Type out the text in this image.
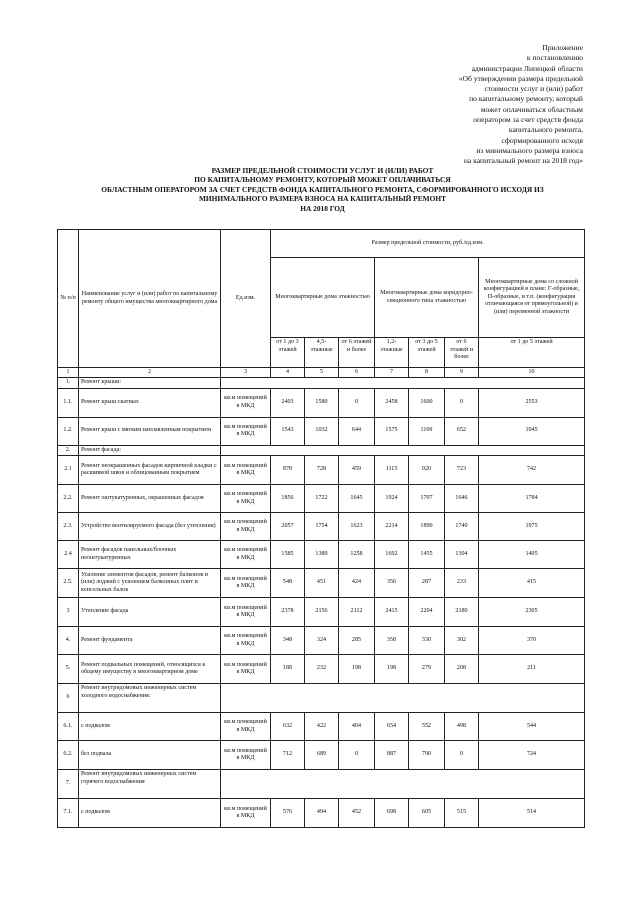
Приложение
к постановлению
администрации Липецкой области
«Об утверждении размера предельной
стоимости услуг и (или) работ
по капитальному ремонту, который
может оплачиваться областным
оператором за счет средств фонда
капитального ремонта,
сформированного исходя
из минимального размера взноса
на капитальный ремонт на 2018 год»
РАЗМЕР ПРЕДЕЛЬНОЙ СТОИМОСТИ УСЛУГ И (ИЛИ) РАБОТ
ПО КАПИТАЛЬНОМУ РЕМОНТУ, КОТОРЫЙ МОЖЕТ ОПЛАЧИВАТЬСЯ
ОБЛАСТНЫМ ОПЕРАТОРОМ ЗА СЧЕТ СРЕДСТВ ФОНДА КАПИТАЛЬНОГО РЕМОНТА, СФОРМИРОВАННОГО ИСХОДЯ ИЗ
МИНИМАЛЬНОГО РАЗМЕРА ВЗНОСА НА КАПИТАЛЬНЫЙ РЕМОНТ
НА 2018 ГОД
№ п/п	Наименование услуг и (или) работ по капитальному ремонту общего имущества многоквартирного дома	Ед.изм.	Размер предельной стоимости, руб./ед.изм.						
			Многоквартирные дома этажностью			Многоквартирные дома коридорно-секционного типа этажностью			Многоквартирные дома со сложной конфигурацией в плане: Г-образные, П-образные, и т.п. (конфигурация отличающаяся от прямоугольной) и (или) переменной этажности
			от 1 до 3 этажей	4,5-этажные	от 6 этажей и более	1,2-этажные	от 3 до 5 этажей	от 6 этажей и более	от 1 до 5 этажей
1	2	3	4	5	6	7	8	9	10
1.	Ремонт крыши:								
1.1.	Ремонт крыш скатных	кв.м помещений в МКД	2403	1580	0	2458	1600	0	2553
1.2.	Ремонт крыш с мягким наплавленным покрытием	кв.м помещений в МКД	1543	1032	644	1575	1109	652	1045
2.	Ремонт фасада:								
2.1	Ремонт неокрашенных фасадов кирпичной кладки с расшивкой швов и облицованным покрытием	кв.м помещений в МКД	878	728	459	1115	920	723	742
2.2.	Ремонт оштукатуренных, окрашенных фасадов	кв.м помещений в МКД	1856	1722	1645	1924	1707	1646	1784
2.3.	Устройство вентилируемого фасада (без утепления)	кв.м помещений в МКД	2057	1754	1623	2214	1890	1740	1975
2.4	Ремонт фасадов панельных/блочных неоштукатуренных	кв.м помещений в МКД	1585	1389	1258	1692	1455	1304	1405
2.5.	Усиление элементов фасадов, ремонт балконов и (или) лоджий с усилением балконных плит и консольных балок	кв.м помещений в МКД	548	451	424	356	287	233	415
3	Утепление фасада	кв.м помещений в МКД	2378	2156	2112	2415	2204	2180	2305
4.	Ремонт фундамента	кв.м помещений в МКД	348	324	285	358	330	302	370
5.	Ремонт подвальных помещений, относящихся к общему имуществу в многоквартирном доме	кв.м помещений в МКД	188	232	198	198	279	208	211
6	Ремонт внутридомовых инженерных систем холодного водоснабжения:								
6.1.	с подвалом	кв.м помещений в МКД	632	422	404	654	552	498	544
6.2.	без подвала	кв.м помещений в МКД	712	689	0	887	790	0	724
7.	Ремонт внутридомовых инженерных систем горячего водоснабжения								
7.1.	с подвалом	кв.м помещений в МКД	576	494	452	698	605	515	514
